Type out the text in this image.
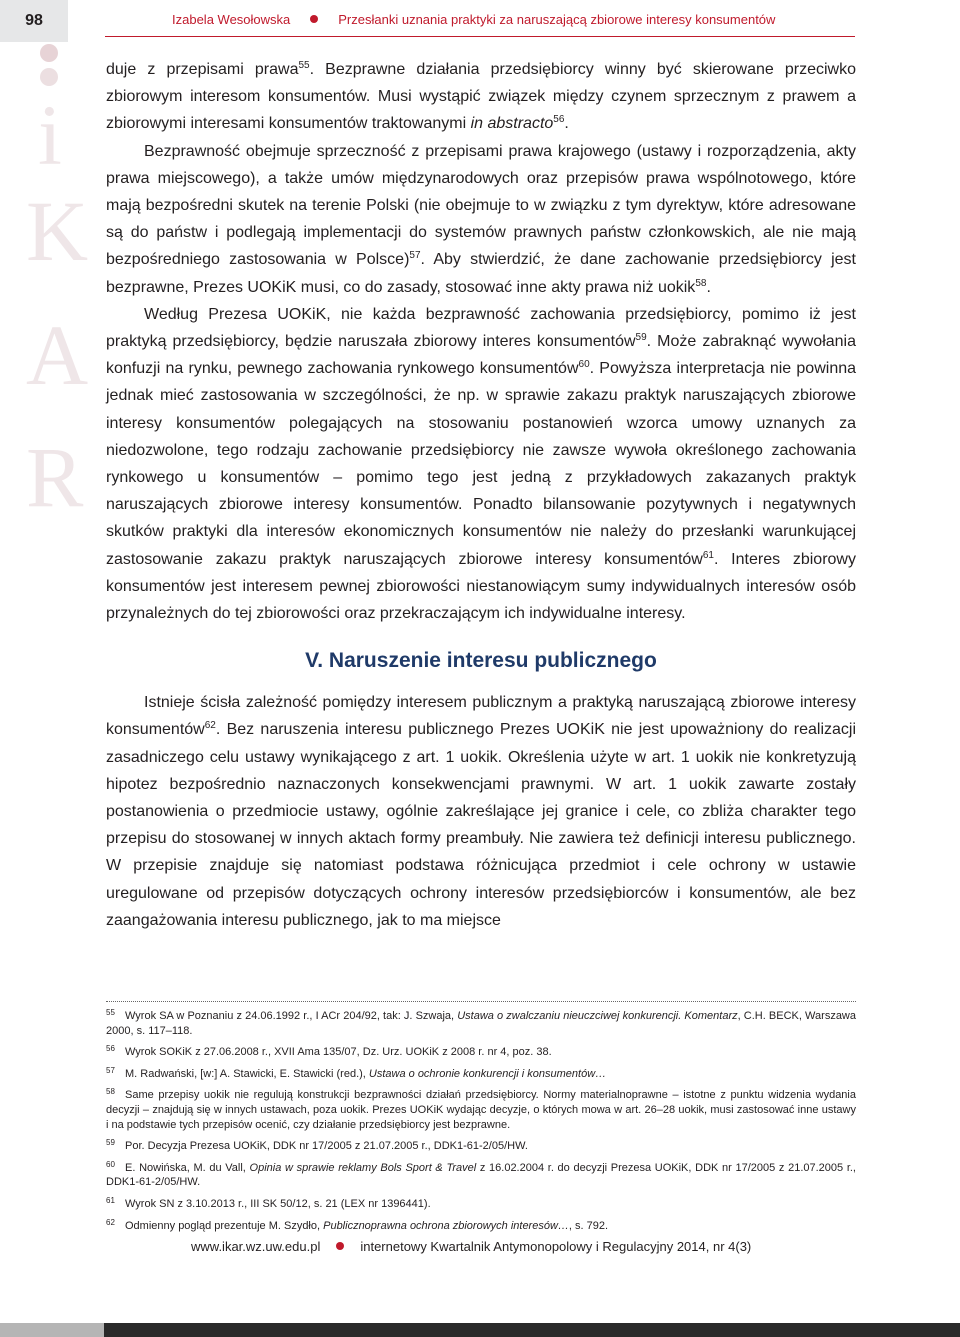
98	Izabela Wesołowska	Przesłanki uznania praktyki za naruszającą zbiorowe interesy konsumentów
i
K
A
R

duje z przepisami prawa$^{55}$. Bezprawne działania przedsiębiorcy winny być skierowane przeciwko zbiorowym interesom konsumentów. Musi wystąpić związek między czynem sprzecznym z prawem a zbiorowymi interesami konsumentów traktowanymi in abstracto$^{56}$.

Bezprawność obejmuje sprzeczność z przepisami prawa krajowego (ustawy i rozporządzenia, akty prawa miejscowego), a także umów międzynarodowych oraz przepisów prawa wspólnotowego, które mają bezpośredni skutek na terenie Polski (nie obejmuje to w związku z tym dyrektyw, które adresowane są do państw i podlegają implementacji do systemów prawnych państw członkowskich, ale nie mają bezpośredniego zastosowania w Polsce)$^{57}$. Aby stwierdzić, że dane zachowanie przedsiębiorcy jest bezprawne, Prezes UOKiK musi, co do zasady, stosować inne akty prawa niż uokik$^{58}$.

Według Prezesa UOKiK, nie każda bezprawność zachowania przedsiębiorcy, pomimo iż jest praktyką przedsiębiorcy, będzie naruszała zbiorowy interes konsumentów$^{59}$. Może zabraknąć wywołania konfuzji na rynku, pewnego zachowania rynkowego konsumentów$^{60}$. Powyższa interpretacja nie powinna jednak mieć zastosowania w szczególności, że np. w sprawie zakazu praktyk naruszających zbiorowe interesy konsumentów polegających na stosowaniu postanowień wzorca umowy uznanych za niedozwolone, tego rodzaju zachowanie przedsiębiorcy nie zawsze wywoła określonego zachowania rynkowego u konsumentów – pomimo tego jest jedną z przykładowych zakazanych praktyk naruszających zbiorowe interesy konsumentów. Ponadto bilansowanie pozytywnych i negatywnych skutków praktyki dla interesów ekonomicznych konsumentów nie należy do przesłanki warunkującej zastosowanie zakazu praktyk naruszających zbiorowe interesy konsumentów$^{61}$. Interes zbiorowy konsumentów jest interesem pewnej zbiorowości niestanowiącym sumy indywidualnych interesów osób przynależnych do tej zbiorowości oraz przekraczającym ich indywidualne interesy.

V. Naruszenie interesu publicznego

Istnieje ścisła zależność pomiędzy interesem publicznym a praktyką naruszającą zbiorowe interesy konsumentów$^{62}$. Bez naruszenia interesu publicznego Prezes UOKiK nie jest upoważniony do realizacji zasadniczego celu ustawy wynikającego z art. 1 uokik. Określenia użyte w art. 1 uokik nie konkretyzują hipotez bezpośrednio naznaczonych konsekwencjami prawnymi. W art. 1 uokik zawarte zostały postanowienia o przedmiocie ustawy, ogólnie zakreślające jej granice i cele, co zbliża charakter tego przepisu do stosowanej w innych aktach formy preambuły. Nie zawiera też definicji interesu publicznego. W przepisie znajduje się natomiast podstawa różnicująca przedmiot i cele ochrony w ustawie uregulowane od przepisów dotyczących ochrony interesów przedsiębiorców i konsumentów, ale bez zaangażowania interesu publicznego, jak to ma miejsce

55 Wyrok SA w Poznaniu z 24.06.1992 r., I ACr 204/92, tak: J. Szwaja, Ustawa o zwalczaniu nieuczciwej konkurencji. Komentarz, C.H. BECK, Warszawa 2000, s. 117–118.

56 Wyrok SOKiK z 27.06.2008 r., XVII Ama 135/07, Dz. Urz. UOKiK z 2008 r. nr 4, poz. 38.

57 M. Radwański, [w:] A. Stawicki, E. Stawicki (red.), Ustawa o ochronie konkurencji i konsumentów…

58 Same przepisy uokik nie regulują konstrukcji bezprawności działań przedsiębiorcy. Normy materialnoprawne – istotne z punktu widzenia wydania decyzji – znajdują się w innych ustawach, poza uokik. Prezes UOKiK wydając decyzje, o których mowa w art. 26–28 uokik, musi zastosować inne ustawy i na podstawie tych przepisów ocenić, czy działanie przedsiębiorcy jest bezprawne.

59 Por. Decyzja Prezesa UOKiK, DDK nr 17/2005 z 21.07.2005 r., DDK1-61-2/05/HW.

60 E. Nowińska, M. du Vall, Opinia w sprawie reklamy Bols Sport & Travel z 16.02.2004 r. do decyzji Prezesa UOKiK, DDK nr 17/2005 z 21.07.2005 r., DDK1-61-2/05/HW.

61 Wyrok SN z 3.10.2013 r., III SK 50/12, s. 21 (LEX nr 1396441).

62 Odmienny pogląd prezentuje M. Szydło, Publicznoprawna ochrona zbiorowych interesów…, s. 792.

www.ikar.wz.uw.edu.pl	internetowy Kwartalnik Antymonopolowy i Regulacyjny 2014, nr 4(3)
